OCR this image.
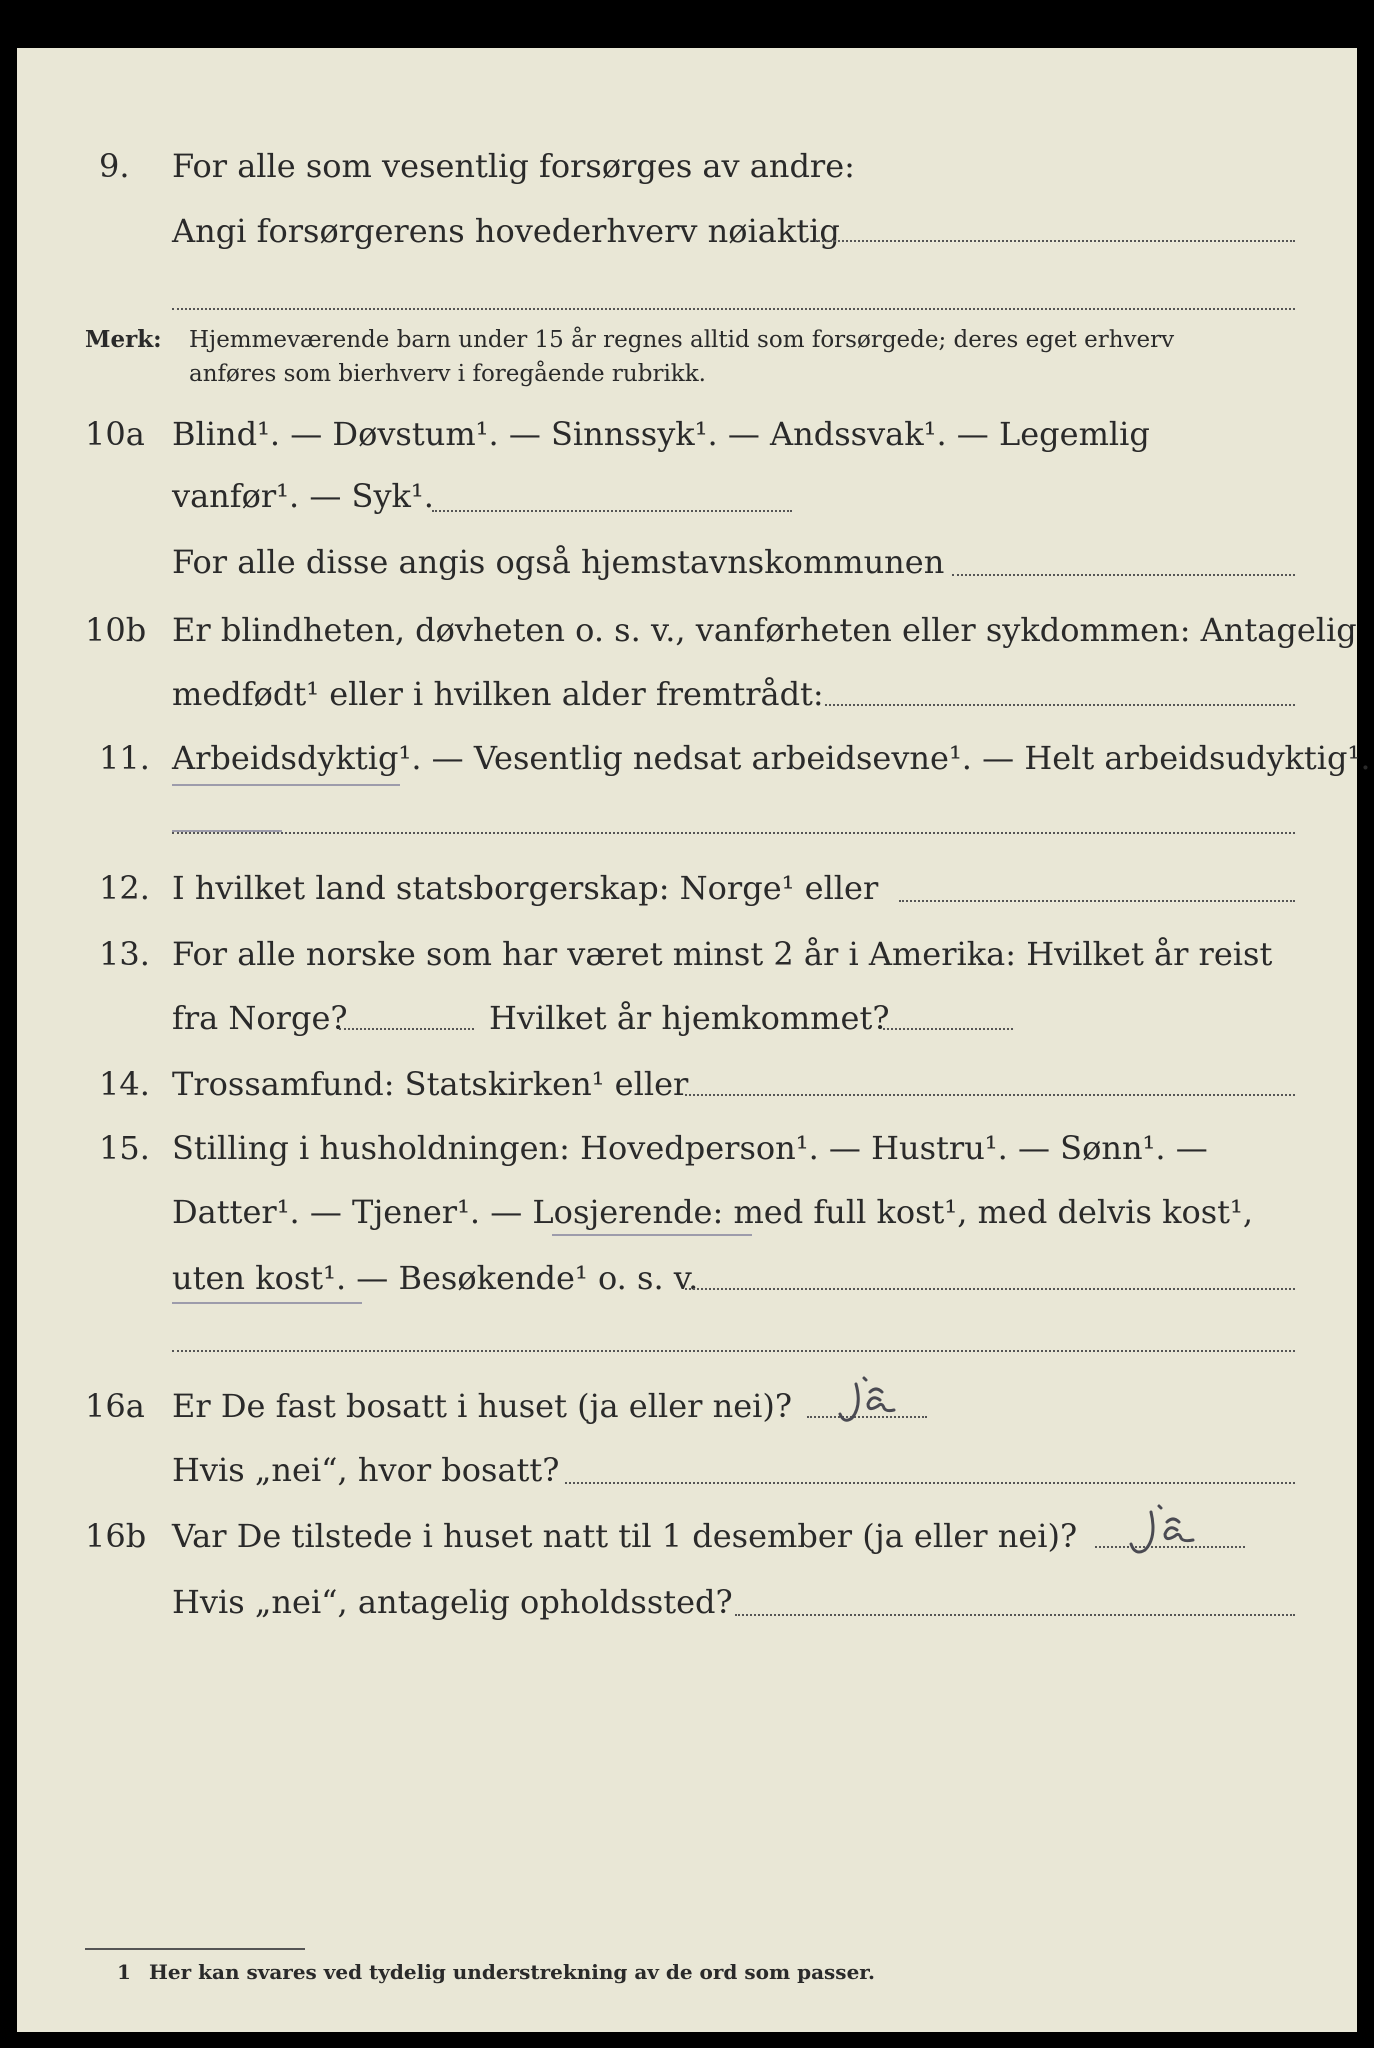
9. For alle som vesentlig forsørges av andre:
Angi forsørgerens hovederhverv nøiaktig
Merk: Hjemmeværende barn under 15 år regnes alltid som forsørgede; deres eget erhverv
anføres som bierhverv i foregående rubrikk.
10a Blind¹. — Døvstum¹. — Sinnssyk¹. — Andssvak¹. — Legemlig
vanfør¹. — Syk¹.
For alle disse angis også hjemstavnskommunen
10b Er blindheten, døvheten o. s. v., vanførheten eller sykdommen: Antagelig
medfødt¹ eller i hvilken alder fremtrådt:
11. Arbeidsdyktig¹. — Vesentlig nedsat arbeidsevne¹. — Helt arbeidsudyktig¹.
12. I hvilket land statsborgerskap: Norge¹ eller
13. For alle norske som har været minst 2 år i Amerika: Hvilket år reist
fra Norge?	Hvilket år hjemkommet?
14. Trossamfund: Statskirken¹ eller
15. Stilling i husholdningen: Hovedperson¹. — Hustru¹. — Sønn¹. —
Datter¹. — Tjener¹. — Losjerende: med full kost¹, med delvis kost¹,
uten kost¹. — Besøkende¹ o. s. v.
16a Er De fast bosatt i huset (ja eller nei)?
Hvis „nei“, hvor bosatt?
16b Var De tilstede i huset natt til 1 desember (ja eller nei)?
Hvis „nei“, antagelig opholdssted?
1 Her kan svares ved tydelig understrekning av de ord som passer.
